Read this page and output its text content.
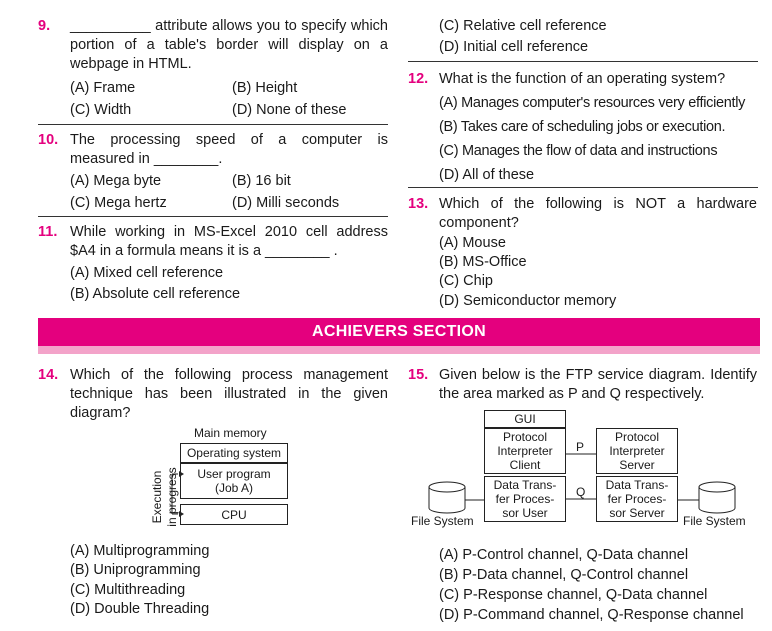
9. __________ attribute allows you to specify which portion of a table's border will display on a webpage in HTML.
(A) Frame	(B) Height
(C) Width	(D) None of these
10. The processing speed of a computer is measured in ________.
(A) Mega byte	(B) 16 bit
(C) Mega hertz	(D) Milli seconds
11. While working in MS-Excel 2010 cell address $A4 in a formula means it is a ________ .
(A) Mixed cell reference
(B) Absolute cell reference
(C) Relative cell reference
(D) Initial cell reference
12. What is the function of an operating system?
(A) Manages computer's resources very efficiently
(B) Takes care of scheduling jobs or execution.
(C) Manages the flow of data and instructions
(D) All of these
13. Which of the following is NOT a hardware component?
(A) Mouse
(B) MS-Office
(C) Chip
(D) Semiconductor memory
ACHIEVERS SECTION
14. Which of the following process management technique has been illustrated in the given diagram?
Main memory
Operating system
User program (Job A)
CPU
Execution in progress
(A) Multiprogramming
(B) Uniprogramming
(C) Multithreading
(D) Double Threading
15. Given below is the FTP service diagram. Identify the area marked as P and Q respectively.
GUI
Protocol Interpreter Client
Data Trans- fer Proces- sor User
Protocol Interpreter Server
Data Trans- fer Proces- sor Server
P
Q
File System	File System
(A) P-Control channel, Q-Data channel
(B) P-Data channel, Q-Control channel
(C) P-Response channel, Q-Data channel
(D) P-Command channel, Q-Response channel
